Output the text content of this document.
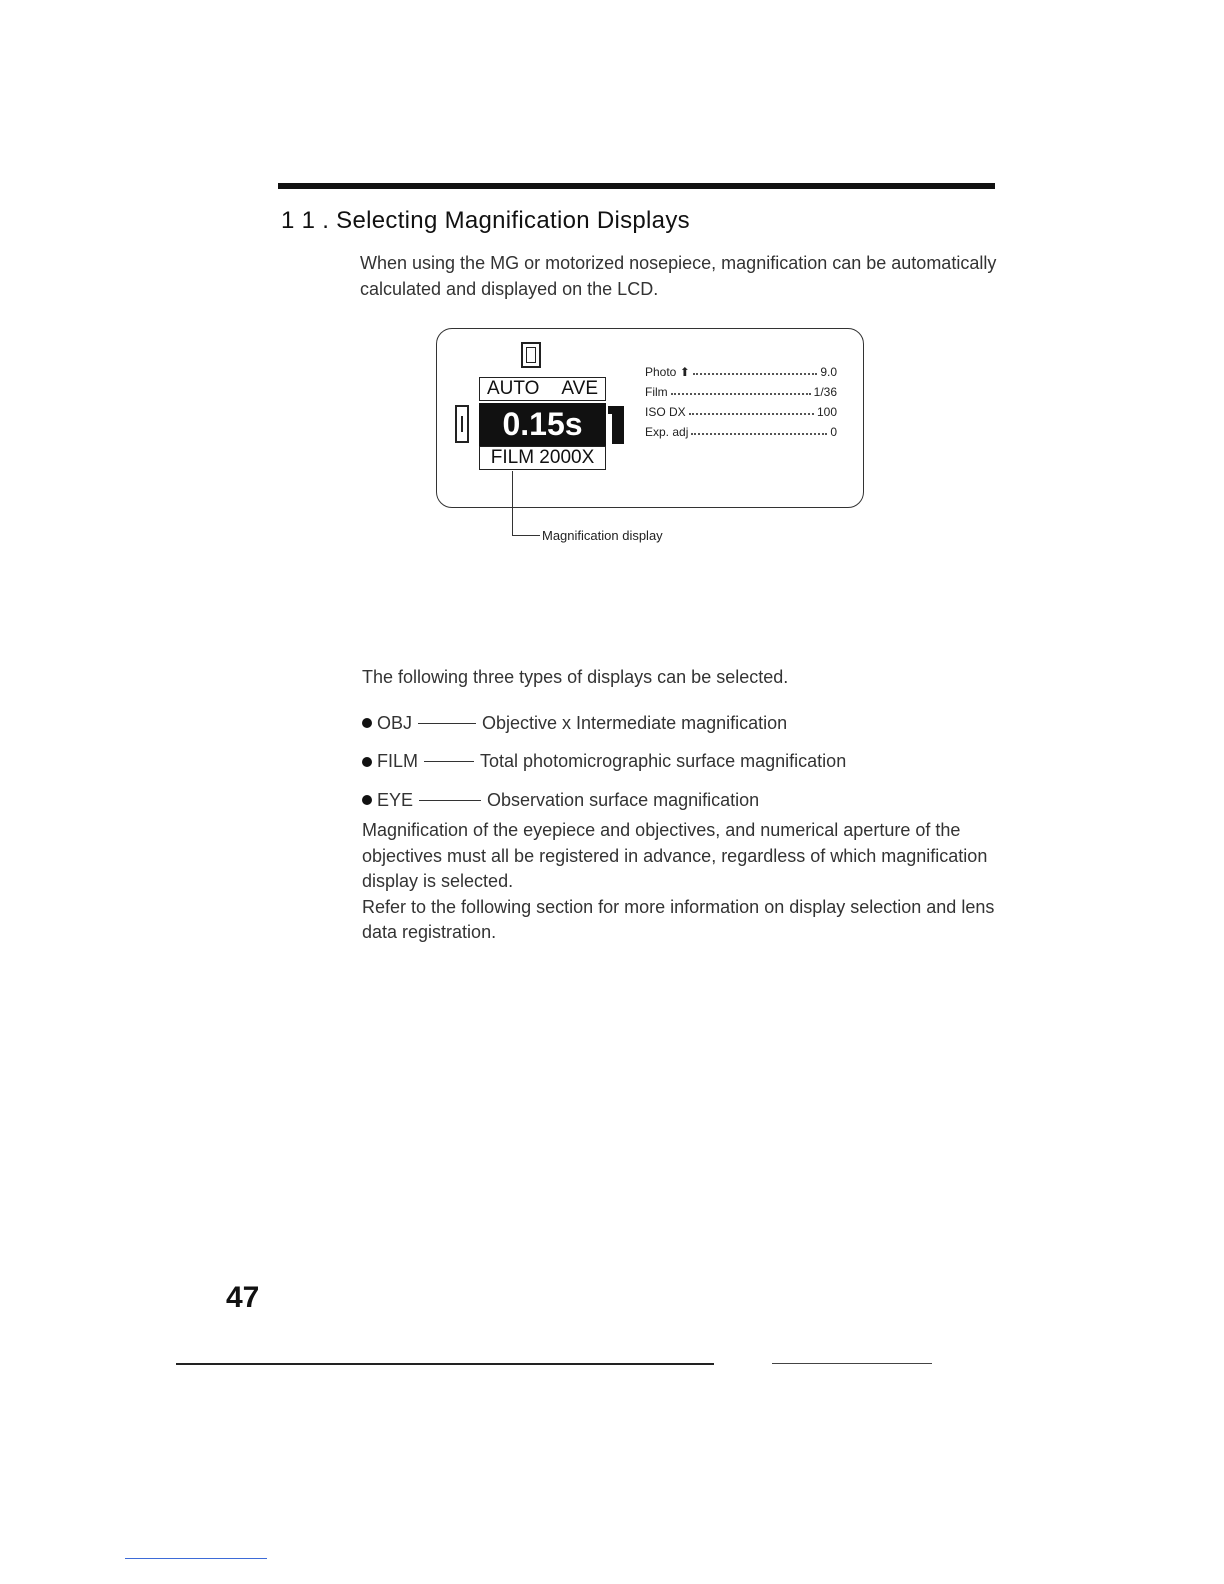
1 1 . Selecting Magnification Displays

When using the MG or motorized nosepiece, magnification can be automatically calculated and displayed on the LCD.

AUTO AVE
0.15s
FILM 2000X
Photo ⬆	9.0
Film	1/36
ISO DX	100
Exp. adj	0
Magnification display

The following three types of displays can be selected.

OBJ	Objective x Intermediate magnification
FILM	Total photomicrographic surface magnification
EYE	Observation surface magnification

Magnification of the eyepiece and objectives, and numerical aperture of the objectives must all be registered in advance, regardless of which magnification display is selected.

Refer to the following section for more information on display selection and lens data registration.

47
